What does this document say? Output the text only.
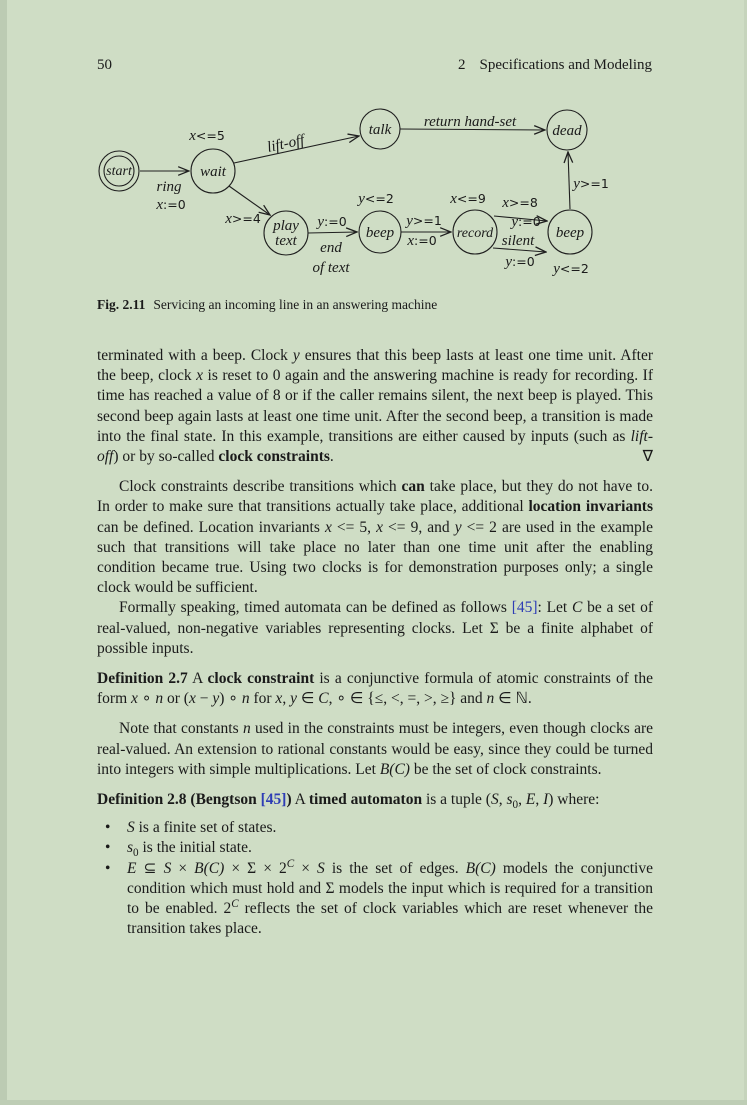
50	2 Specifications and Modeling
start	wait
talk	dead
play
text	beep	record	beep
x<=5
ring
x:=0
lift-off
return hand-set
x>=4	y:=0
end
of text
y<=2
y>=1
x:=0
x<=9 x>=8
y:=0
silent
y:=0 y<=2
y>=1
Fig. 2.11 Servicing an incoming line in an answering machine

terminated with a beep. Clock y ensures that this beep lasts at least one time unit. After the beep, clock x is reset to 0 again and the answering machine is ready for recording. If time has reached a value of 8 or if the caller remains silent, the next beep is played. This second beep again lasts at least one time unit. After the second beep, a transition is made into the final state. In this example, transitions are either caused by inputs (such as lift-off) or by so-called clock constraints.	∇

Clock constraints describe transitions which can take place, but they do not have to. In order to make sure that transitions actually take place, additional location invariants can be defined. Location invariants x <= 5, x <= 9, and y <= 2 are used in the example such that transitions will take place no later than one time unit after the enabling condition became true. Using two clocks is for demonstration purposes only; a single clock would be sufficient.

Formally speaking, timed automata can be defined as follows [45]: Let C be a set of real-valued, non-negative variables representing clocks. Let Σ be a finite alphabet of possible inputs.

Definition 2.7 A clock constraint is a conjunctive formula of atomic constraints of the form x ∘ n or (x − y) ∘ n for x, y ∈ C, ∘ ∈ {≤, <, =, >, ≥} and n ∈ ℕ.

Note that constants n used in the constraints must be integers, even though clocks are real-valued. An extension to rational constants would be easy, since they could be turned into integers with simple multiplications. Let B(C) be the set of clock constraints.

Definition 2.8 (Bengtson [45]) A timed automaton is a tuple (S, $s_0$, E, I) where:

• S is a finite set of states.
• $s_0$ is the initial state.
• E ⊆ $S \times B(C) \times \Sigma \times 2^C \times S$ is the set of edges. B(C) models the conjunctive condition which must hold and Σ models the input which is required for a transition to be enabled. $2^C$ reflects the set of clock variables which are reset whenever the transition takes place.
